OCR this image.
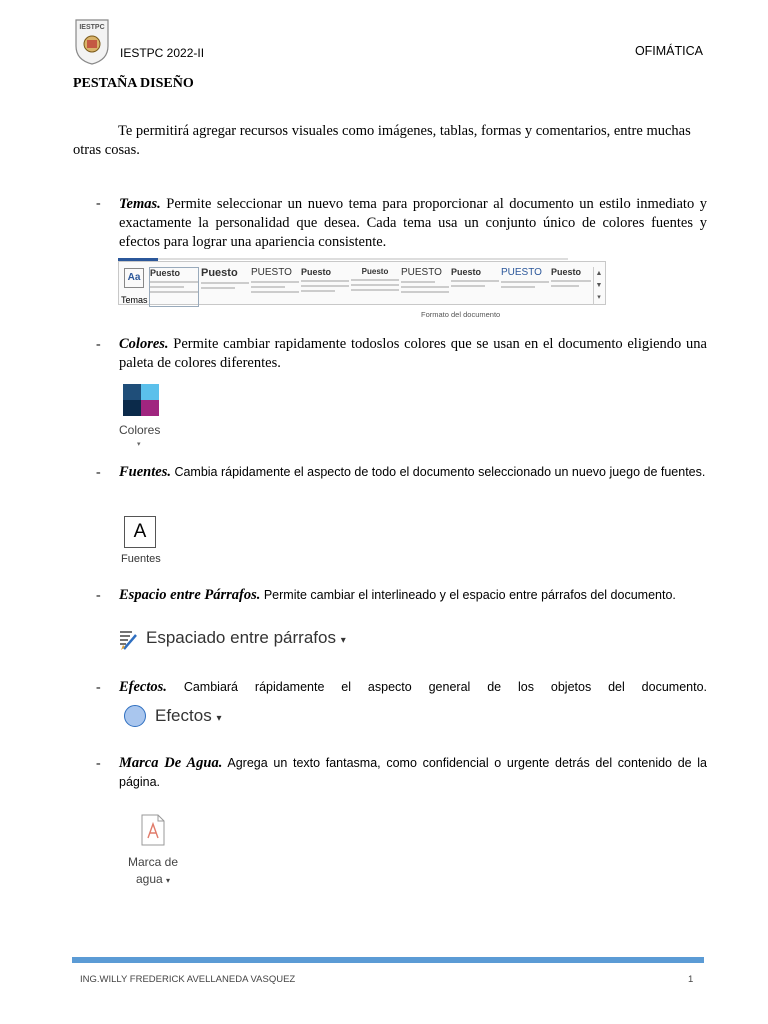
IESTPC
IESTPC 2022-II	OFIMÁTICA
PESTAÑA DISEÑO
Te permitirá agregar recursos visuales como imágenes, tablas, formas y comentarios, entre muchas otras cosas.
- Temas. Permite seleccionar un nuevo tema para proporcionar al documento un estilo inmediato y exactamente la personalidad que desea. Cada tema usa un conjunto único de colores fuentes y efectos para lograr una apariencia consistente.
Aa
Temas
Puesto	Puesto	PUESTO	Puesto	Puesto	PUESTO	Puesto	PUESTO	Puesto	▲
▼
▾
Formato del documento
- Colores. Permite cambiar rapidamente todoslos colores que se usan en el documento eligiendo una paleta de colores diferentes.
Colores
▾
- Fuentes. Cambia rápidamente el aspecto de todo el documento seleccionado un nuevo juego de fuentes.
A
Fuentes
- Espacio entre Párrafos. Permite cambiar el interlineado y el espacio entre párrafos del documento.
Espaciado entre párrafos ▾
- Efectos. Cambiará rápidamente el aspecto general de los objetos del documento.
Efectos ▾
- Marca De Agua. Agrega un texto fantasma, como confidencial o urgente detrás del contenido de la página.
Marca de
agua ▾
ING.WILLY FREDERICK AVELLANEDA VASQUEZ	1
